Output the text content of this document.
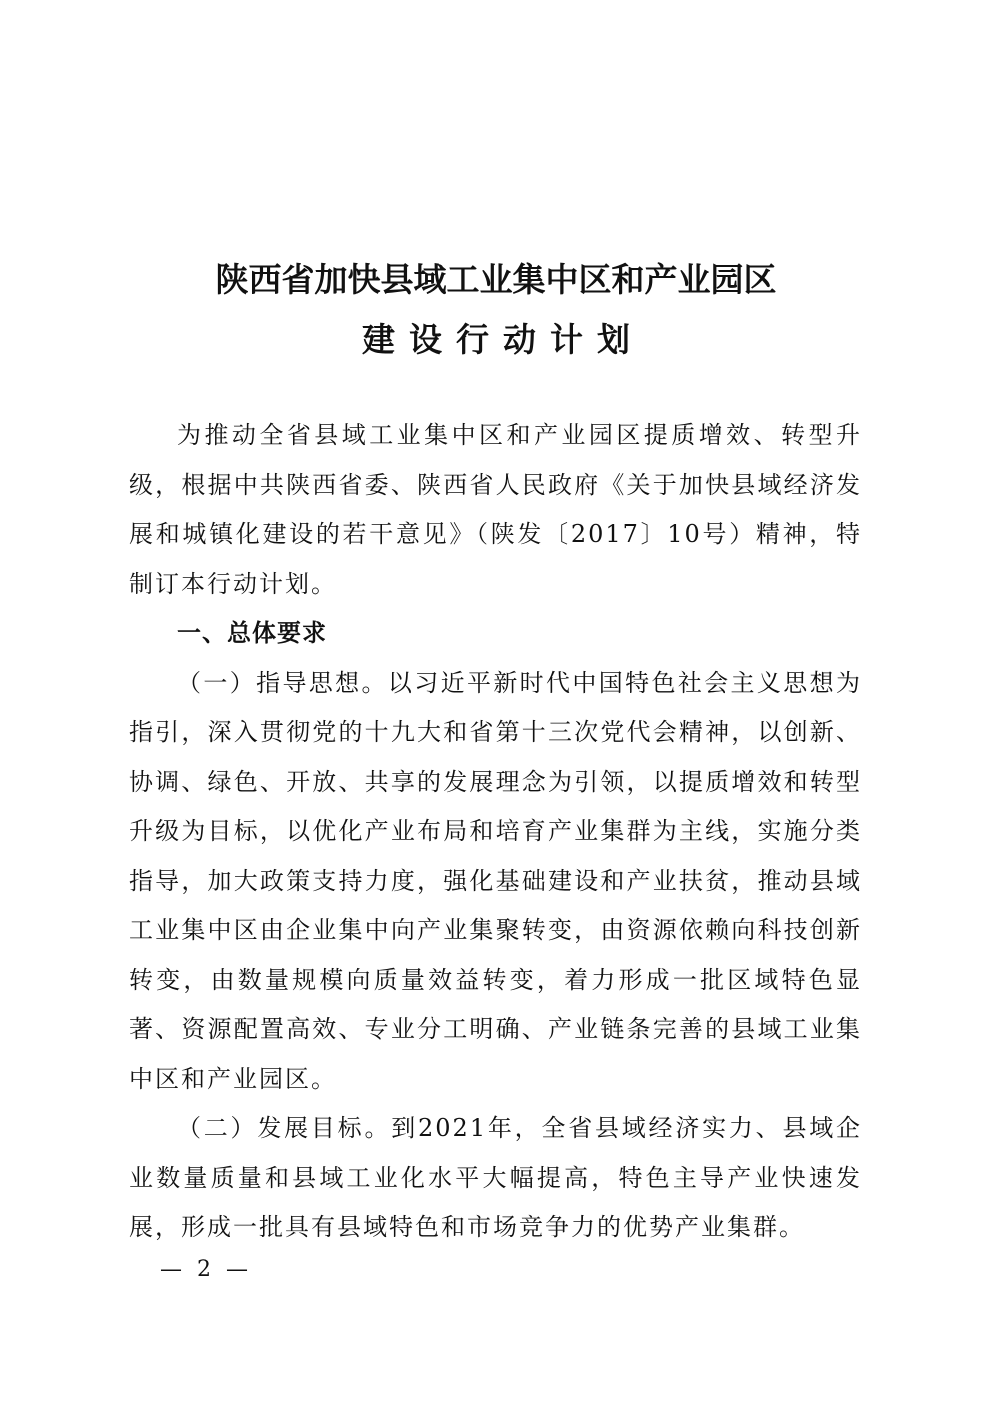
陕西省加快县域工业集中区和产业园区
建设行动计划

为推动全省县域工业集中区和产业园区提质增效、转型升级，根据中共陕西省委、陕西省人民政府《关于加快县域经济发展和城镇化建设的若干意见》（陕发〔2017〕10号）精神，特制订本行动计划。

一、总体要求

（一）指导思想。以习近平新时代中国特色社会主义思想为指引，深入贯彻党的十九大和省第十三次党代会精神，以创新、协调、绿色、开放、共享的发展理念为引领，以提质增效和转型升级为目标，以优化产业布局和培育产业集群为主线，实施分类指导，加大政策支持力度，强化基础建设和产业扶贫，推动县域工业集中区由企业集中向产业集聚转变，由资源依赖向科技创新转变，由数量规模向质量效益转变，着力形成一批区域特色显著、资源配置高效、专业分工明确、产业链条完善的县域工业集中区和产业园区。

（二）发展目标。到2021年，全省县域经济实力、县域企业数量质量和县域工业化水平大幅提高，特色主导产业快速发展，形成一批具有县域特色和市场竞争力的优势产业集群。

— 2 —
